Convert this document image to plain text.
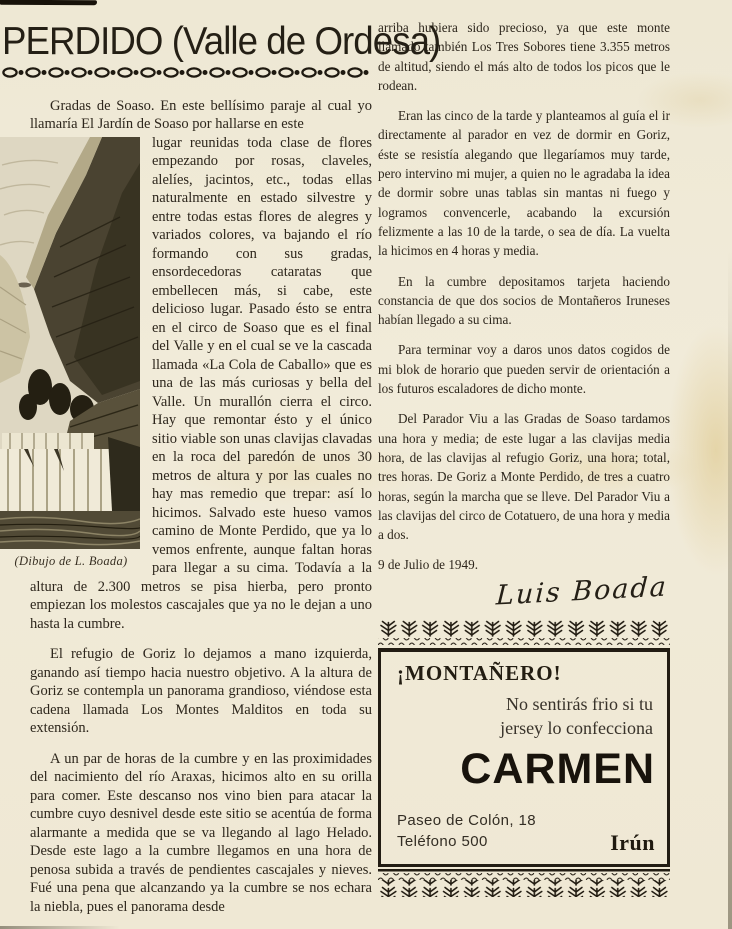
PERDIDO (Valle de Ordesa)

Gradas de Soaso. En este bellísimo paraje al cual yo llamaría El Jardín de Soaso por hallarse en este

(Dibujo de L. Boada)

lugar reunidas toda clase de flores empezando por rosas, claveles, alelíes, jacintos, etc., todas ellas naturalmente en estado silvestre y entre todas estas flores de alegres y variados colores, va bajando el río formando con sus gradas, ensordecedoras cataratas que embellecen más, si cabe, este delicioso lugar. Pasado ésto se entra en el circo de Soaso que es el final del Valle y en el cual se ve la cascada llamada «La Cola de Caballo» que es una de las más curiosas y bella del Valle. Un murallón cierra el circo. Hay que remontar ésto y el único sitio viable son unas clavijas clavadas en la roca del paredón de unos 30 metros de altura y por las cuales no hay mas remedio que trepar: así lo hicimos. Salvado este hueso vamos camino de Monte Perdido, que ya lo vemos enfrente, aunque faltan horas para llegar a su cima. Todavía a la altura de 2.300 metros se pisa hierba, pero pronto empiezan los molestos cascajales que ya no le dejan a uno hasta la cumbre.

El refugio de Goriz lo dejamos a mano izquierda, ganando así tiempo hacia nuestro objetivo. A la altura de Goriz se contempla un panorama grandioso, viéndose esta cadena llamada Los Montes Malditos en toda su extensión.

A un par de horas de la cumbre y en las proximidades del nacimiento del río Araxas, hicimos alto en su orilla para comer. Este descanso nos vino bien para atacar la cumbre cuyo desnivel desde este sitio se acentúa de forma alarmante a medida que se va llegando al lago Helado. Desde este lago a la cumbre llegamos en una hora de penosa subida a través de pendientes cascajales y nieves. Fué una pena que alcanzando ya la cumbre se nos echara la niebla, pues el panorama desde

arriba hubiera sido precioso, ya que este monte llamado también Los Tres Sobores tiene 3.355 metros de altitud, siendo el más alto de todos los picos que le rodean.

Eran las cinco de la tarde y planteamos al guía el ir directamente al parador en vez de dormir en Goriz, éste se resistía alegando que llegaríamos muy tarde, pero intervino mi mujer, a quien no le agradaba la idea de dormir sobre unas tablas sin mantas ni fuego y logramos convencerle, acabando la excursión felizmente a las 10 de la tarde, o sea de día. La vuelta la hicimos en 4 horas y media.

En la cumbre depositamos tarjeta haciendo constancia de que dos socios de Montañeros Iruneses habían llegado a su cima.

Para terminar voy a daros unos datos cogidos de mi blok de horario que pueden servir de orientación a los futuros escaladores de dicho monte.

Del Parador Viu a las Gradas de Soaso tardamos una hora y media; de este lugar a las clavijas media hora, de las clavijas al refugio Goriz, una hora; total, tres horas. De Goriz a Monte Perdido, de tres a cuatro horas, según la marcha que se lleve. Del Parador Viu a las clavijas del circo de Cotatuero, de una hora y media a dos.

9 de Julio de 1949.

Luis Boada

¡MONTAÑERO!
No sentirás frio si tu
jersey lo confecciona
CARMEN
Paseo de Colón, 18
Teléfono 500	Irún
